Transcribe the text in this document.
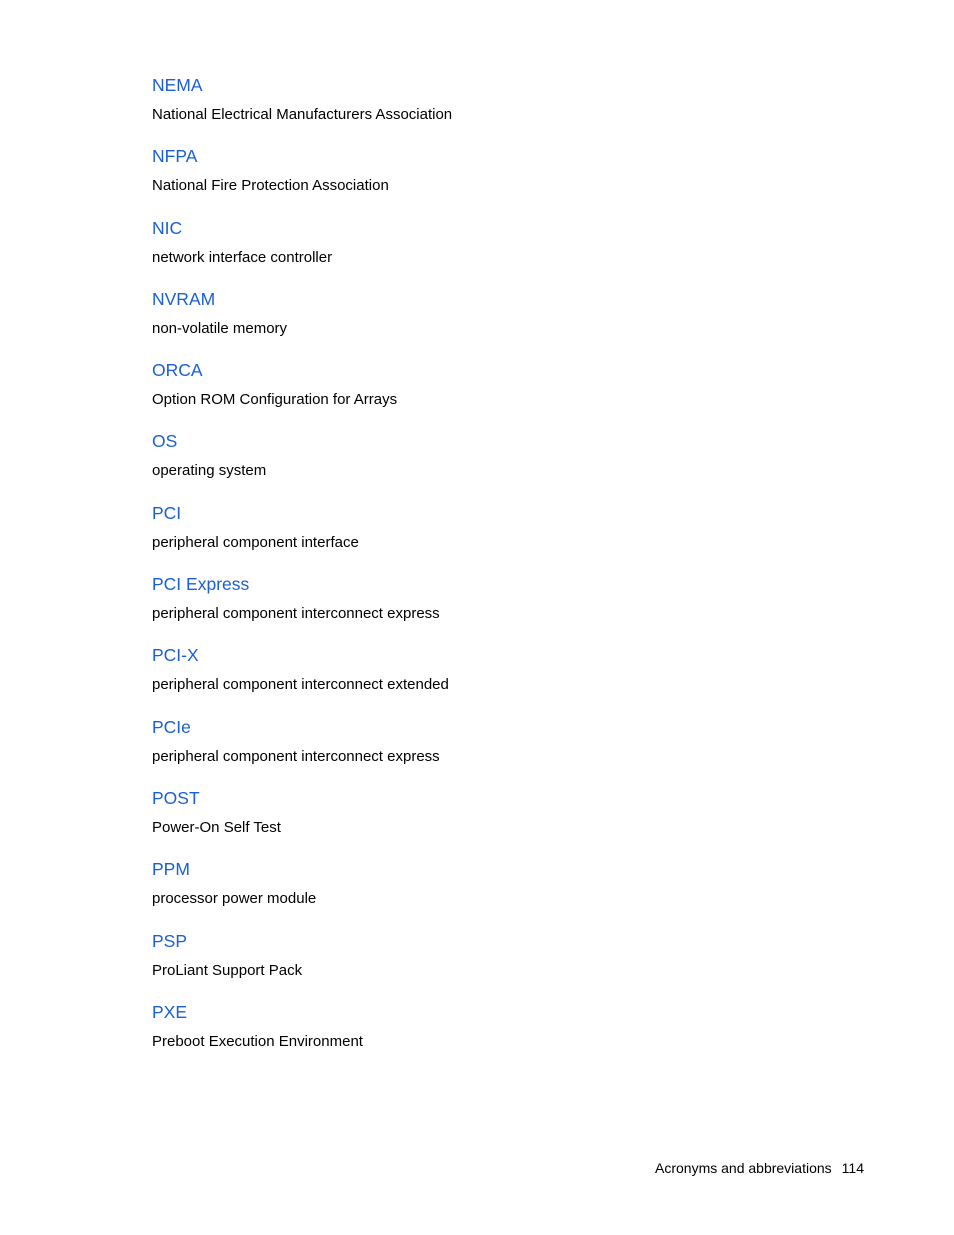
NEMA
National Electrical Manufacturers Association
NFPA
National Fire Protection Association
NIC
network interface controller
NVRAM
non-volatile memory
ORCA
Option ROM Configuration for Arrays
OS
operating system
PCI
peripheral component interface
PCI Express
peripheral component interconnect express
PCI-X
peripheral component interconnect extended
PCIe
peripheral component interconnect express
POST
Power-On Self Test
PPM
processor power module
PSP
ProLiant Support Pack
PXE
Preboot Execution Environment
Acronyms and abbreviations 114
